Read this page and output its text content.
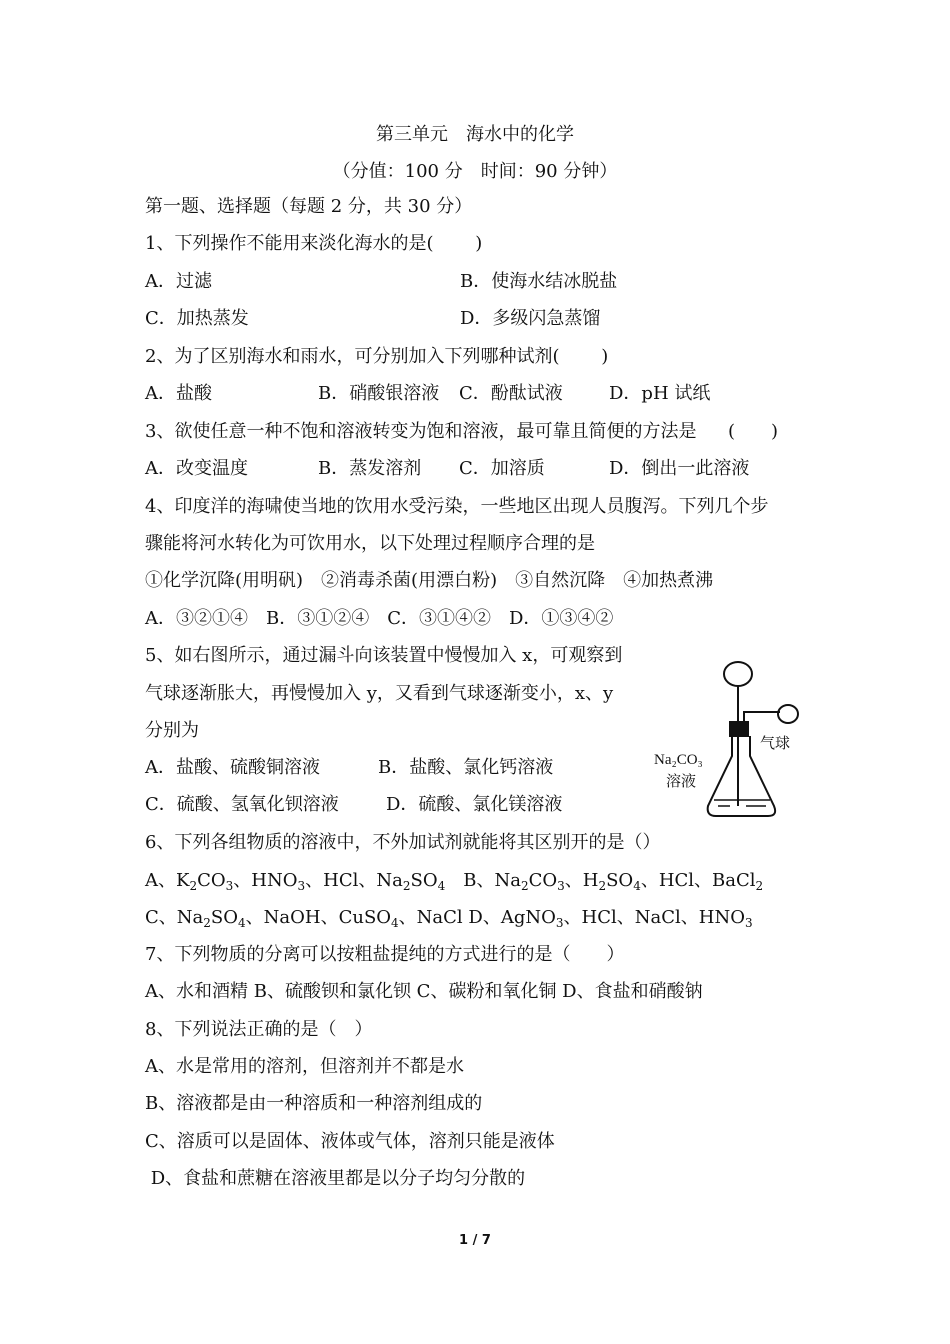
第三单元　海水中的化学
（分值：100 分　时间：90 分钟）
第一题、选择题（每题 2 分，共 30 分）
1、下列操作不能用来淡化海水的是(　　 )
A．过滤	B．使海水结冰脱盐
C．加热蒸发	D．多级闪急蒸馏
2、为了区别海水和雨水，可分别加入下列哪种试剂(　　 )
A．盐酸	B．硝酸银溶液 C．酚酞试液	D．pH 试纸
3、欲使任意一种不饱和溶液转变为饱和溶液，最可靠且简便的方法是 (　　)
A．改变温度	B．蒸发溶剂 C．加溶质	D．倒出一此溶液
4、印度洋的海啸使当地的饮用水受污染，一些地区出现人员腹泻。下列几个步
骤能将河水转化为可饮用水，以下处理过程顺序合理的是
①化学沉降(用明矾)　②消毒杀菌(用漂白粉)　③自然沉降　④加热煮沸
A．③②①④　B．③①②④　C．③①④②　D．①③④②
5、如右图所示，通过漏斗向该装置中慢慢加入 x，可观察到
气球逐渐胀大，再慢慢加入 y，又看到气球逐渐变小，x、y
分别为
A．盐酸、硫酸铜溶液	B．盐酸、氯化钙溶液
C．硫酸、氢氧化钡溶液	D．硫酸、氯化镁溶液
Na₂CO₃
溶液
气球
6、下列各组物质的溶液中，不外加试剂就能将其区别开的是（）
A、$K_2CO_3$、$HNO_3$、HCl、$Na_2SO_4$　B、$Na_2CO_3$、$H_2SO_4$、HCl、BaCl$_2$
C、$Na_2SO_4$、NaOH、CuSO$_4$、NaCl D、AgNO$_3$、HCl、NaCl、$HNO_3$
7、下列物质的分离可以按粗盐提纯的方式进行的是（　　）
A、水和酒精 B、硫酸钡和氯化钡 C、碳粉和氧化铜 D、食盐和硝酸钠
8、下列说法正确的是（　）
A、水是常用的溶剂，但溶剂并不都是水
B、溶液都是由一种溶质和一种溶剂组成的
C、溶质可以是固体、液体或气体，溶剂只能是液体
D、食盐和蔗糖在溶液里都是以分子均匀分散的
1 / 7
